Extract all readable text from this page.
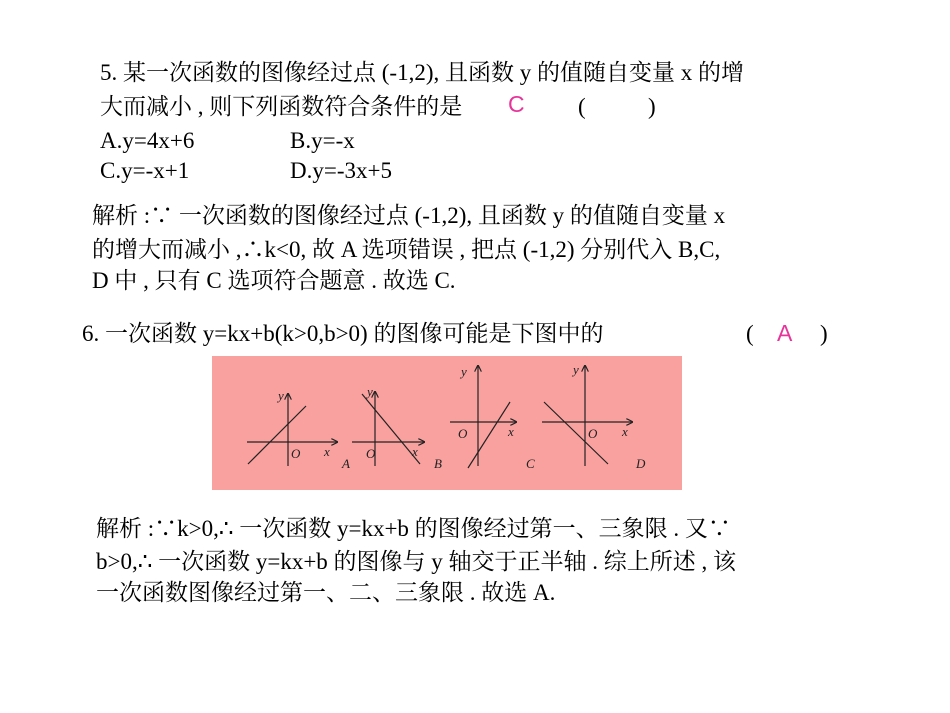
5. 某一次函数的图像经过点 (-1,2), 且函数 y 的值随自变量 x 的增
大而减小 , 则下列函数符合条件的是 C (	)
A.y=4x+6	B.y=-x
C.y=-x+1	D.y=-3x+5
解析 :∵ 一次函数的图像经过点 (-1,2), 且函数 y 的值随自变量 x
的增大而减小 ,∴k<0, 故 A 选项错误 , 把点 (-1,2) 分别代入 B,C,
D 中 , 只有 C 选项符合题意 . 故选 C.
6. 一次函数 y=kx+b(k>0,b>0) 的图像可能是下图中的	( A )
y
x
O
A
y
x
O
B
y
x
O
C
y
x
O
D
解析 :∵k>0,∴ 一次函数 y=kx+b 的图像经过第一、三象限 . 又∵
b>0,∴ 一次函数 y=kx+b 的图像与 y 轴交于正半轴 . 综上所述 , 该
一次函数图像经过第一、二、三象限 . 故选 A.
